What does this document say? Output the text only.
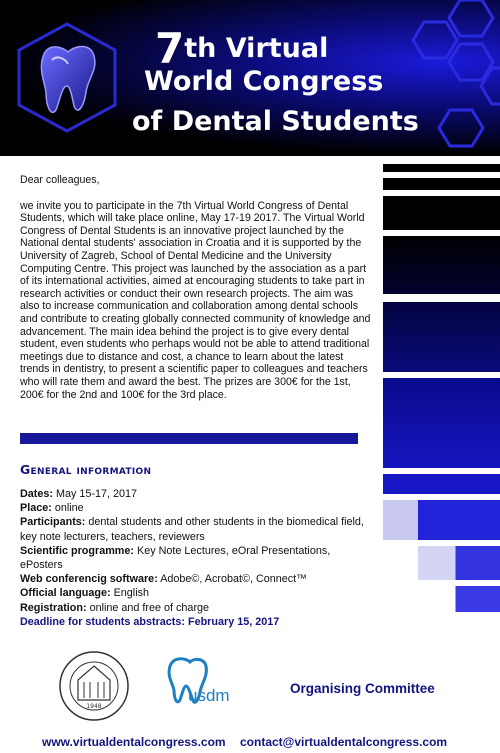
7th Virtual
World Congress
of Dental Students

Dear colleagues,

we invite you to participate in the 7th Virtual World Congress of Dental Students, which will take place online, May 17-19 2017. The Virtual World Congress of Dental Students is an innovative project launched by the National dental students' association in Croatia and it is supported by the University of Zagreb, School of Dental Medicine and the University Computing Centre. This project was launched by the association as a part of its international activities, aimed at encouraging students to take part in research activities or conduct their own research projects. The aim was also to increase communication and collaboration among dental schools and contribute to creating globally connected community of knowledge and advancement. The main idea behind the project is to give every dental student, even students who perhaps would not be able to attend traditional meetings due to distance and cost, a chance to learn about the latest trends in dentistry, to present a scientific paper to colleagues and teachers who will rate them and award the best. The prizes are 300€ for the 1st, 200€ for the 2nd and 100€ for the 3rd place.

General information
Dates: May 15-17, 2017
Place: online
Participants: dental students and other students in the biomedical field, key note lecturers, teachers, reviewers
Scientific programme: Key Note Lectures, eOral Presentations, ePosters
Web conferencig software: Adobe©, Acrobat©, Connect™
Official language: English
Registration: online and free of charge
Deadline for students abstracts: February 15, 2017
1948
usdm	Organising Committee
www.virtualdentalcongress.com contact@virtualdentalcongress.com
